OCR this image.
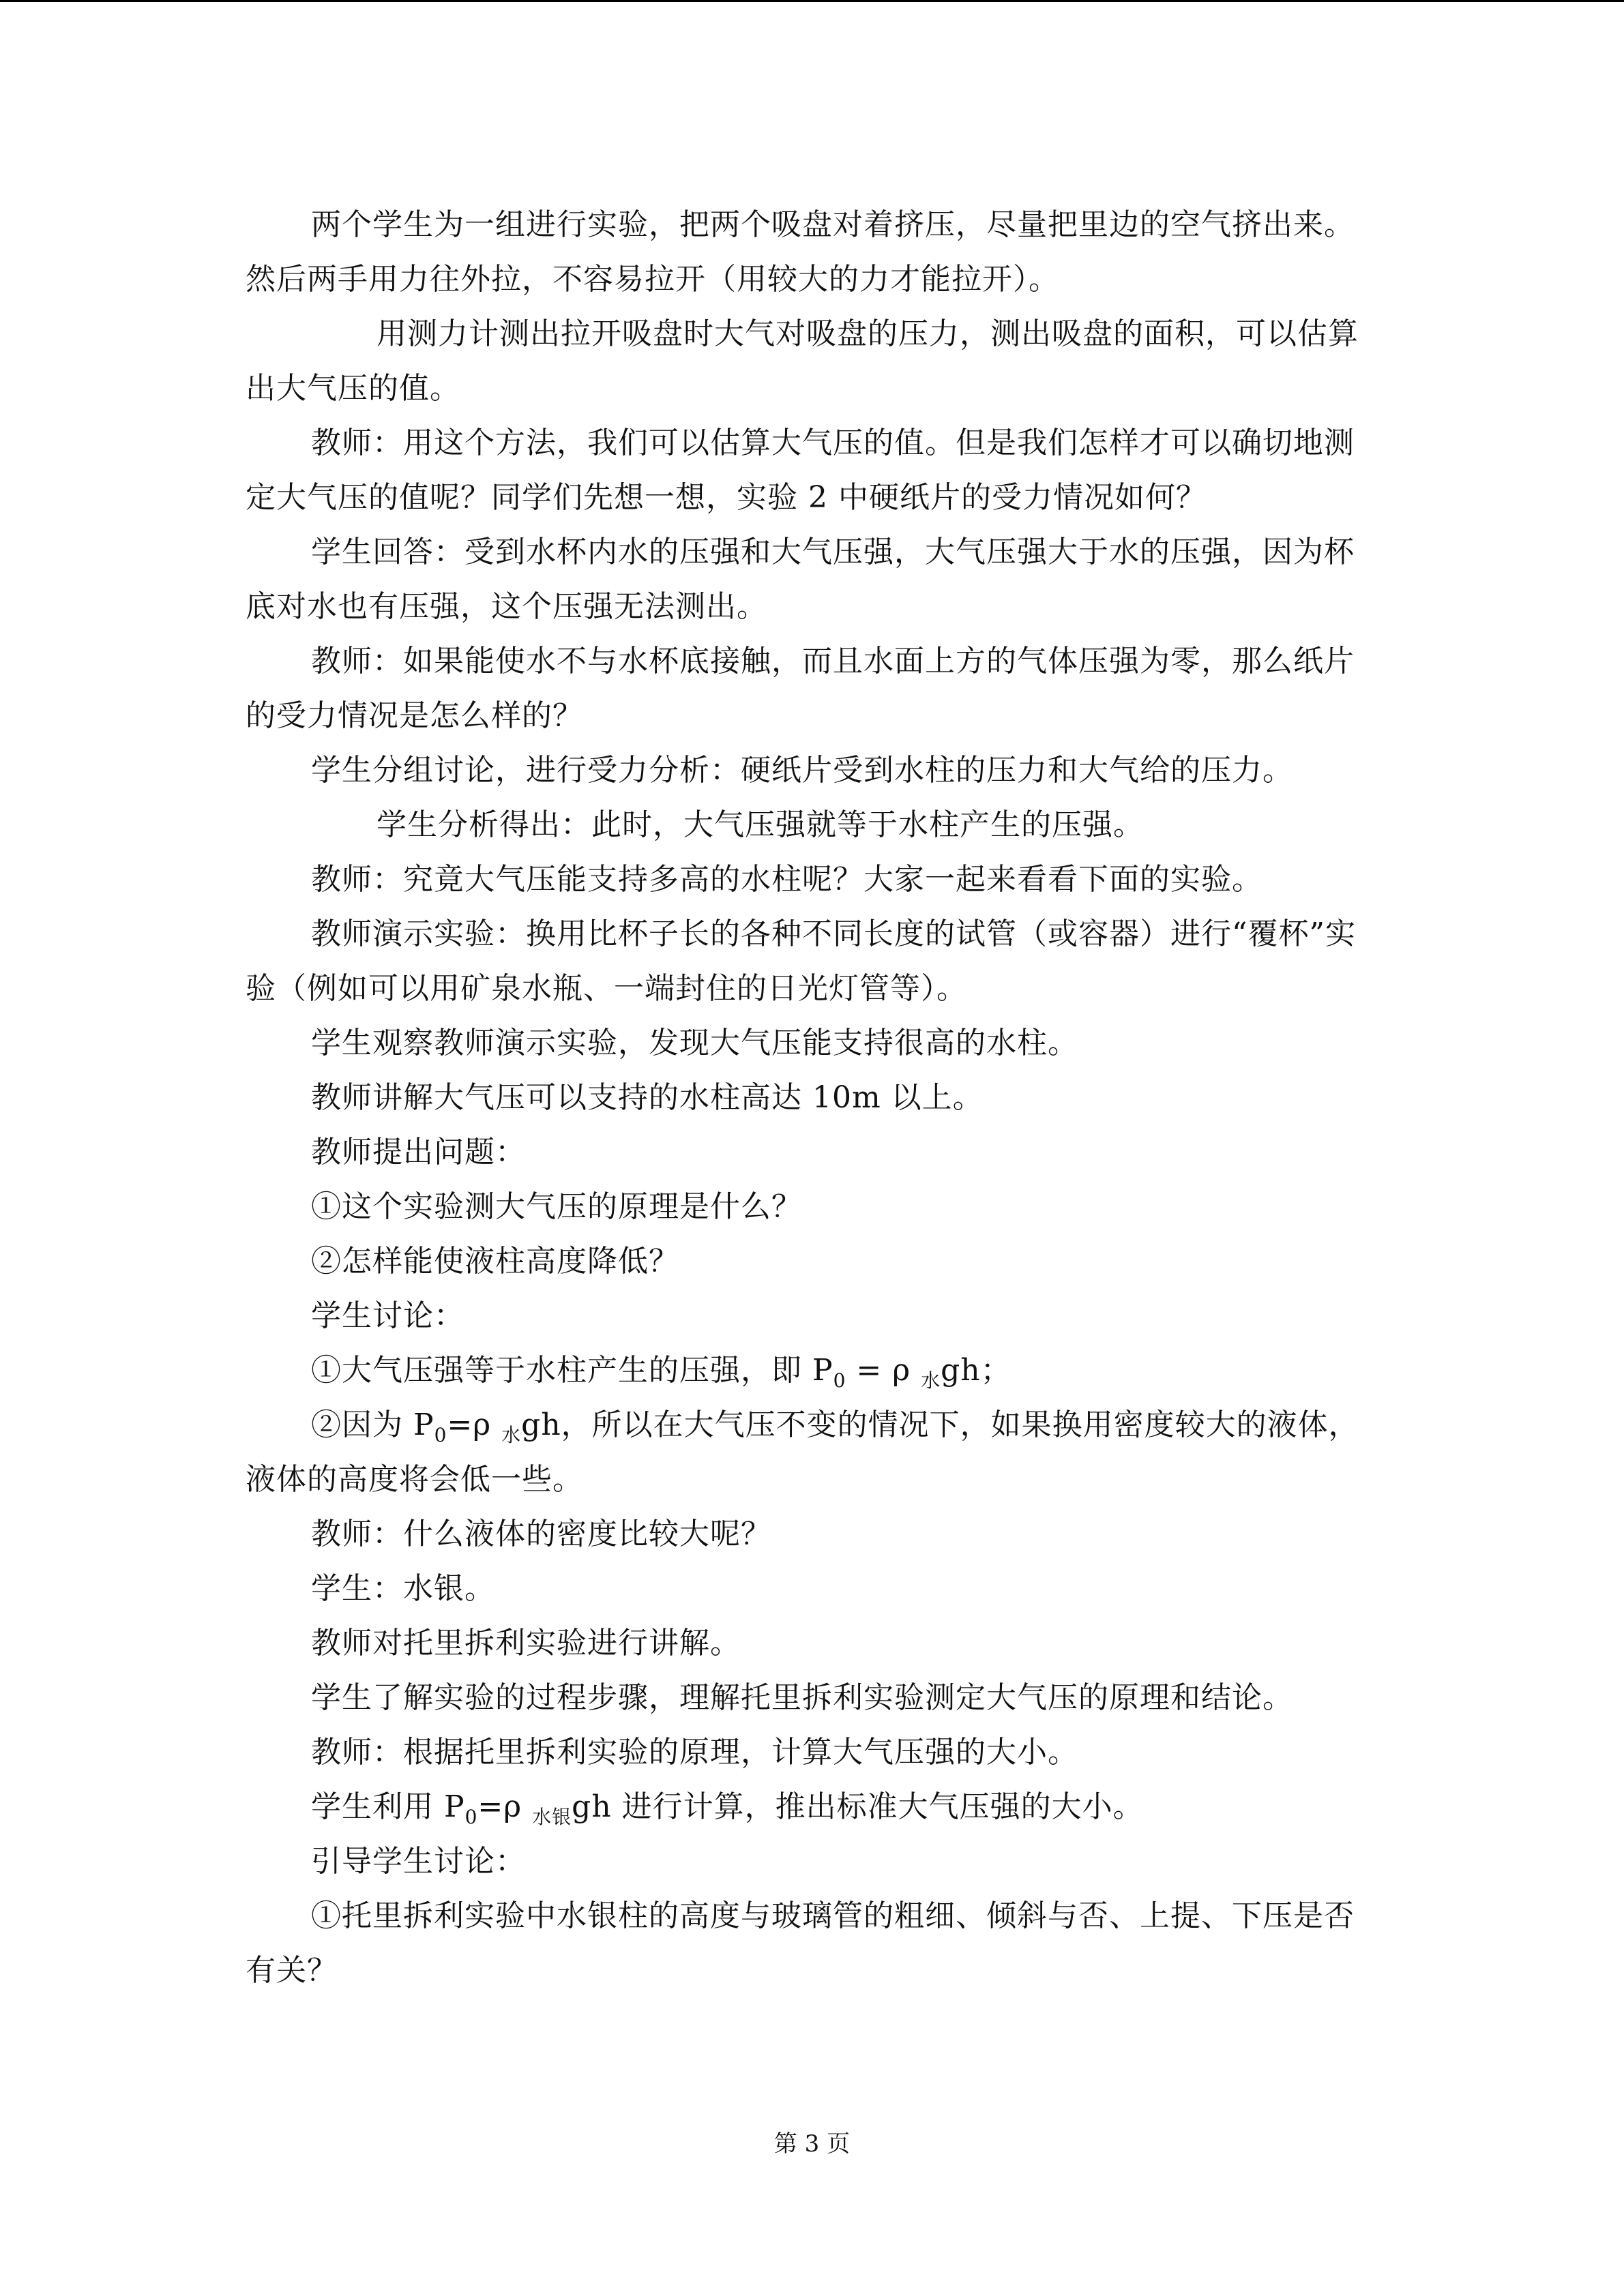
两个学生为一组进行实验，把两个吸盘对着挤压，尽量把里边的空气挤出来。然后两手用力往外拉，不容易拉开（用较大的力才能拉开）。

用测力计测出拉开吸盘时大气对吸盘的压力，测出吸盘的面积，可以估算出大气压的值。

教师：用这个方法，我们可以估算大气压的值。但是我们怎样才可以确切地测定大气压的值呢？同学们先想一想，实验 2 中硬纸片的受力情况如何？

学生回答：受到水杯内水的压强和大气压强，大气压强大于水的压强，因为杯底对水也有压强，这个压强无法测出。

教师：如果能使水不与水杯底接触，而且水面上方的气体压强为零，那么纸片的受力情况是怎么样的？

学生分组讨论，进行受力分析：硬纸片受到水柱的压力和大气给的压力。

学生分析得出：此时，大气压强就等于水柱产生的压强。

教师：究竟大气压能支持多高的水柱呢？大家一起来看看下面的实验。

教师演示实验：换用比杯子长的各种不同长度的试管（或容器）进行“覆杯”实验（例如可以用矿泉水瓶、一端封住的日光灯管等）。

学生观察教师演示实验，发现大气压能支持很高的水柱。

教师讲解大气压可以支持的水柱高达 10m 以上。

教师提出问题：

①这个实验测大气压的原理是什么？

②怎样能使液柱高度降低？

学生讨论：

①大气压强等于水柱产生的压强，即 $P_0 = \rho$ $_水$gh；

②因为 $P_0=\rho$ $_水$gh，所以在大气压不变的情况下，如果换用密度较大的液体，液体的高度将会低一些。

教师：什么液体的密度比较大呢？

学生：水银。

教师对托里拆利实验进行讲解。

学生了解实验的过程步骤，理解托里拆利实验测定大气压的原理和结论。

教师：根据托里拆利实验的原理，计算大气压强的大小。

学生利用 $P_0=\rho$ $_{水银}$gh 进行计算，推出标准大气压强的大小。

引导学生讨论：

①托里拆利实验中水银柱的高度与玻璃管的粗细、倾斜与否、上提、下压是否有关？

第 3 页
